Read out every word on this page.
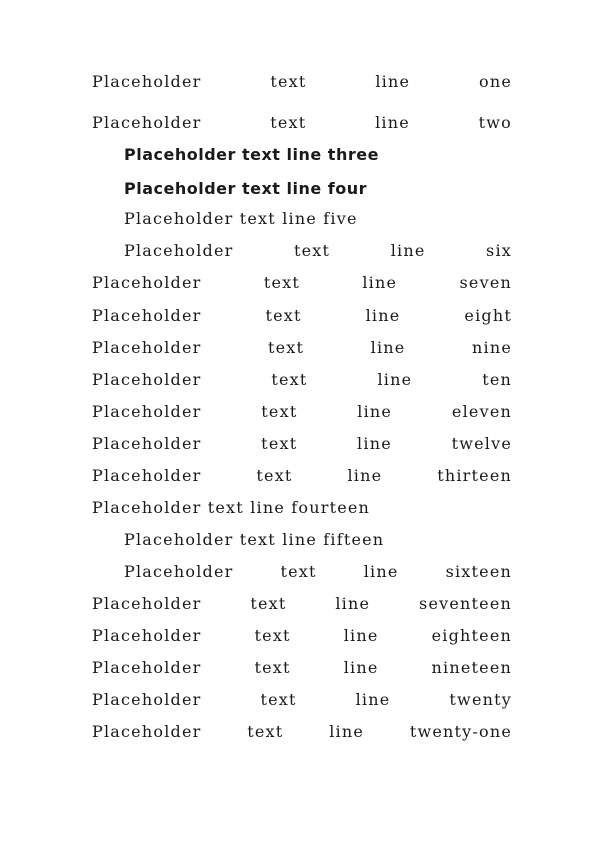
Placeholder text line one
Placeholder text line two
Placeholder text line three
Placeholder text line four
Placeholder text line five
Placeholder text line six
Placeholder text line seven
Placeholder text line eight
Placeholder text line nine
Placeholder text line ten
Placeholder text line eleven
Placeholder text line twelve
Placeholder text line thirteen
Placeholder text line fourteen
Placeholder text line fifteen
Placeholder text line sixteen
Placeholder text line seventeen
Placeholder text line eighteen
Placeholder text line nineteen
Placeholder text line twenty
Placeholder text line twenty-one
